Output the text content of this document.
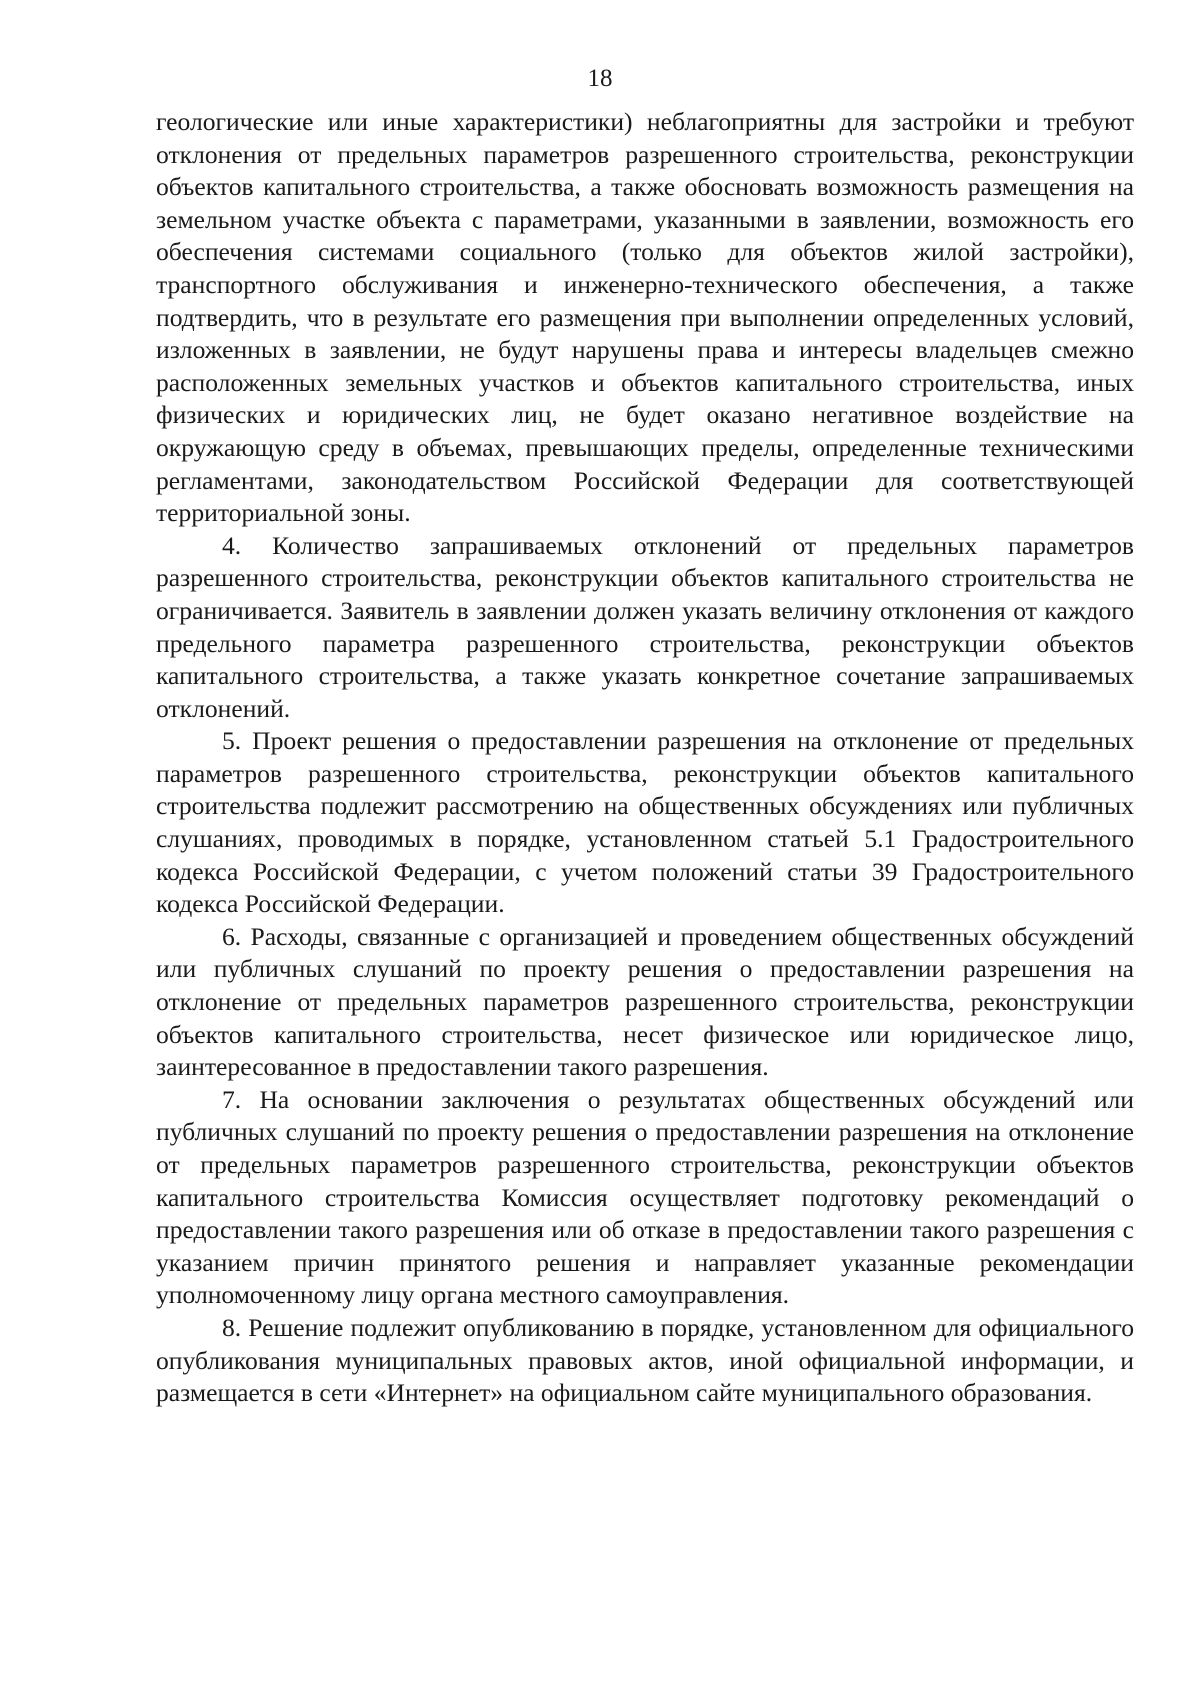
18

геологические или иные характеристики) неблагоприятны для застройки и требуют отклонения от предельных параметров разрешенного строительства, реконструкции объектов капитального строительства, а также обосновать возможность размещения на земельном участке объекта с параметрами, указанными в заявлении, возможность его обеспечения системами социального (только для объектов жилой застройки), транспортного обслуживания и инженерно-технического обеспечения, а также подтвердить, что в результате его размещения при выполнении определенных условий, изложенных в заявлении, не будут нарушены права и интересы владельцев смежно расположенных земельных участков и объектов капитального строительства, иных физических и юридических лиц, не будет оказано негативное воздействие на окружающую среду в объемах, превышающих пределы, определенные техническими регламентами, законодательством Российской Федерации для соответствующей территориальной зоны.

4. Количество запрашиваемых отклонений от предельных параметров разрешенного строительства, реконструкции объектов капитального строительства не ограничивается. Заявитель в заявлении должен указать величину отклонения от каждого предельного параметра разрешенного строительства, реконструкции объектов капитального строительства, а также указать конкретное сочетание запрашиваемых отклонений.

5. Проект решения о предоставлении разрешения на отклонение от предельных параметров разрешенного строительства, реконструкции объектов капитального строительства подлежит рассмотрению на общественных обсуждениях или публичных слушаниях, проводимых в порядке, установленном статьей 5.1 Градостроительного кодекса Российской Федерации, с учетом положений статьи 39 Градостроительного кодекса Российской Федерации.

6. Расходы, связанные с организацией и проведением общественных обсуждений или публичных слушаний по проекту решения о предоставлении разрешения на отклонение от предельных параметров разрешенного строительства, реконструкции объектов капитального строительства, несет физическое или юридическое лицо, заинтересованное в предоставлении такого разрешения.

7. На основании заключения о результатах общественных обсуждений или публичных слушаний по проекту решения о предоставлении разрешения на отклонение от предельных параметров разрешенного строительства, реконструкции объектов капитального строительства Комиссия осуществляет подготовку рекомендаций о предоставлении такого разрешения или об отказе в предоставлении такого разрешения с указанием причин принятого решения и направляет указанные рекомендации уполномоченному лицу органа местного самоуправления.

8. Решение подлежит опубликованию в порядке, установленном для официального опубликования муниципальных правовых актов, иной официальной информации, и размещается в сети «Интернет» на официальном сайте муниципального образования.
